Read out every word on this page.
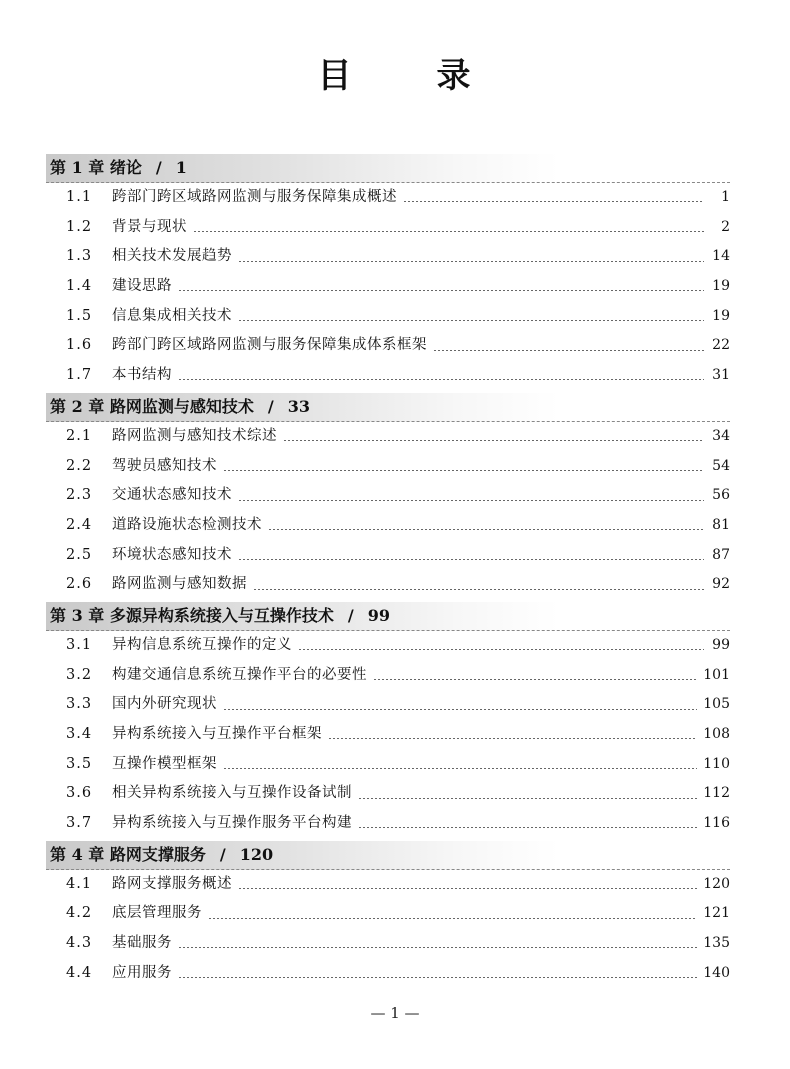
目      录
第 1 章 绪论 / 1
1.1	跨部门跨区域路网监测与服务保障集成概述	1
1.2	背景与现状	2
1.3	相关技术发展趋势	14
1.4	建设思路	19
1.5	信息集成相关技术	19
1.6	跨部门跨区域路网监测与服务保障集成体系框架	22
1.7	本书结构	31
第 2 章 路网监测与感知技术 / 33
2.1	路网监测与感知技术综述	34
2.2	驾驶员感知技术	54
2.3	交通状态感知技术	56
2.4	道路设施状态检测技术	81
2.5	环境状态感知技术	87
2.6	路网监测与感知数据	92
第 3 章 多源异构系统接入与互操作技术 / 99
3.1	异构信息系统互操作的定义	99
3.2	构建交通信息系统互操作平台的必要性	101
3.3	国内外研究现状	105
3.4	异构系统接入与互操作平台框架	108
3.5	互操作模型框架	110
3.6	相关异构系统接入与互操作设备试制	112
3.7	异构系统接入与互操作服务平台构建	116
第 4 章 路网支撑服务 / 120
4.1	路网支撑服务概述	120
4.2	底层管理服务	121
4.3	基础服务	135
4.4	应用服务	140
— 1 —
